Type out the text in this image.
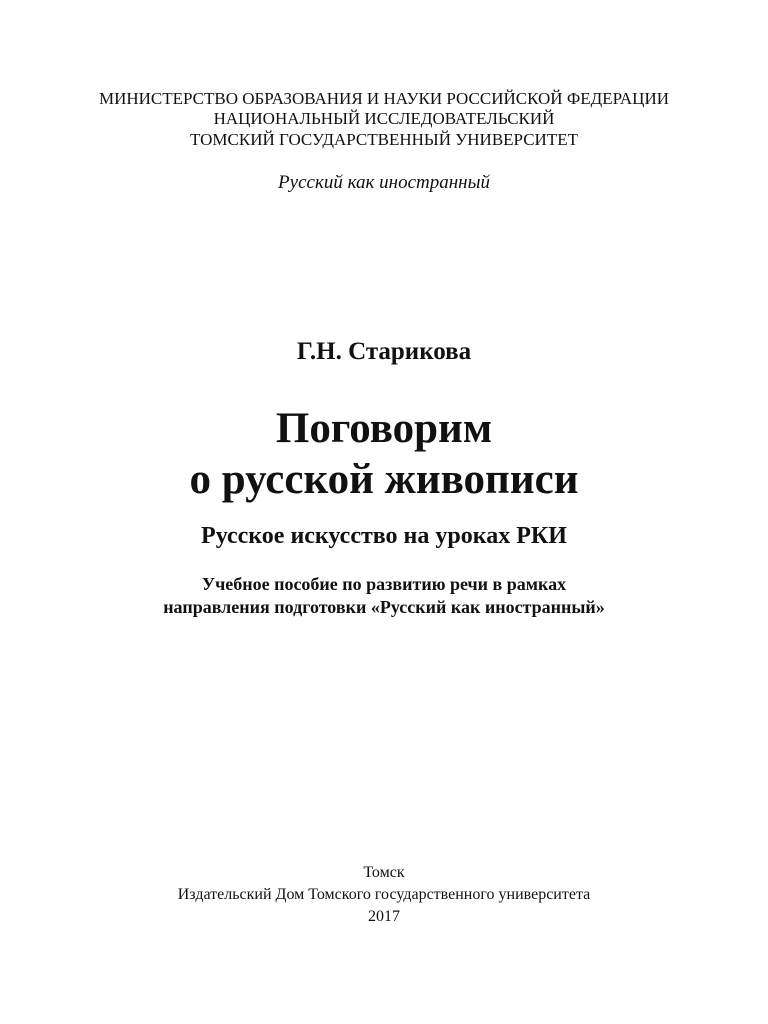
МИНИСТЕРСТВО ОБРАЗОВАНИЯ И НАУКИ РОССИЙСКОЙ ФЕДЕРАЦИИ
НАЦИОНАЛЬНЫЙ ИССЛЕДОВАТЕЛЬСКИЙ
ТОМСКИЙ ГОСУДАРСТВЕННЫЙ УНИВЕРСИТЕТ
Русский как иностранный
Г.Н. Старикова
Поговорим
о русской живописи
Русское искусство на уроках РКИ
Учебное пособие по развитию речи в рамках
направления подготовки «Русский как иностранный»
Томск
Издательский Дом Томского государственного университета
2017
